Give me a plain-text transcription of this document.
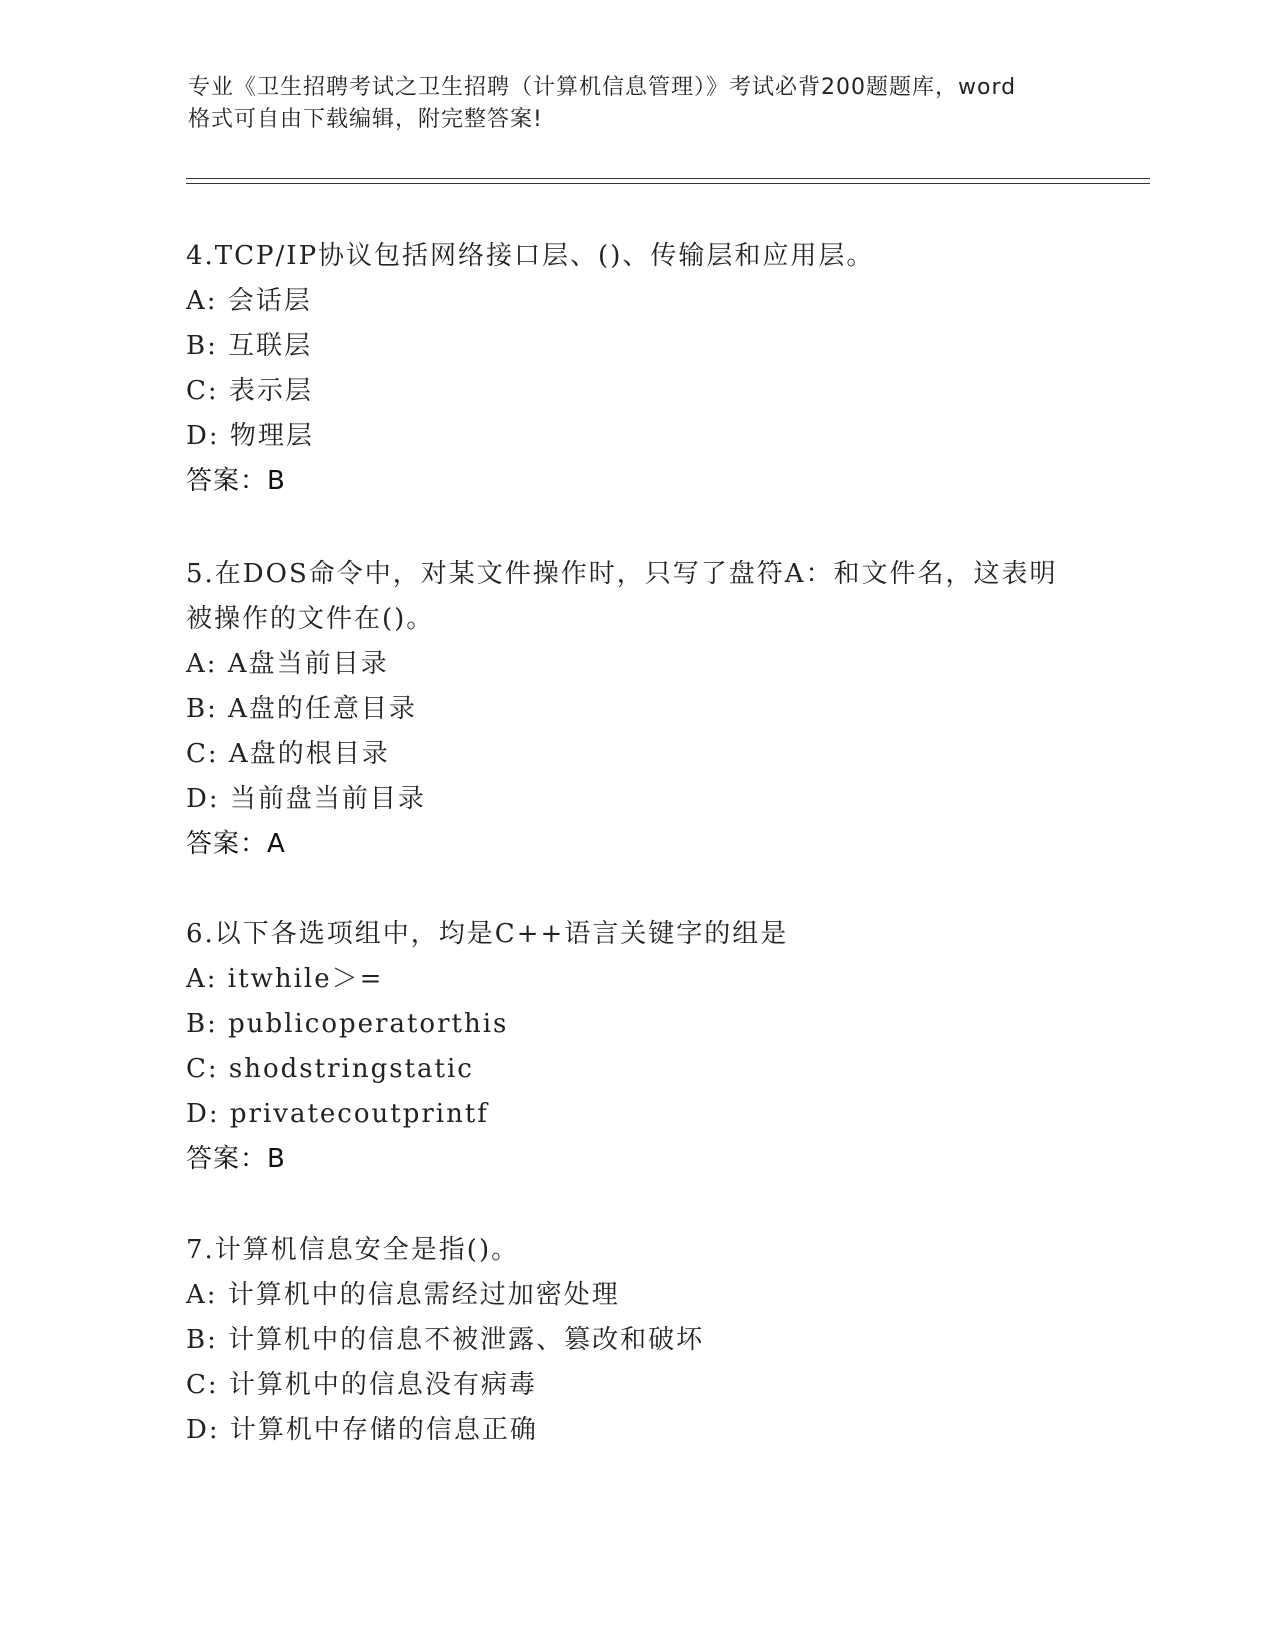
专业《卫生招聘考试之卫生招聘（计算机信息管理）》考试必背200题题库，word
格式可自由下载编辑，附完整答案!

4.TCP/IP协议包括网络接口层、()、传输层和应用层。

A: 会话层

B: 互联层

C: 表示层

D: 物理层

答案：B

5.在DOS命令中，对某文件操作时，只写了盘符A：和文件名，这表明

被操作的文件在()。

A: A盘当前目录

B: A盘的任意目录

C: A盘的根目录

D: 当前盘当前目录

答案：A

6.以下各选项组中，均是C++语言关键字的组是

A: itwhile＞=

B: publicoperatorthis

C: shodstringstatic

D: privatecoutprintf

答案：B

7.计算机信息安全是指()。

A: 计算机中的信息需经过加密处理

B: 计算机中的信息不被泄露、篡改和破坏

C: 计算机中的信息没有病毒

D: 计算机中存储的信息正确
